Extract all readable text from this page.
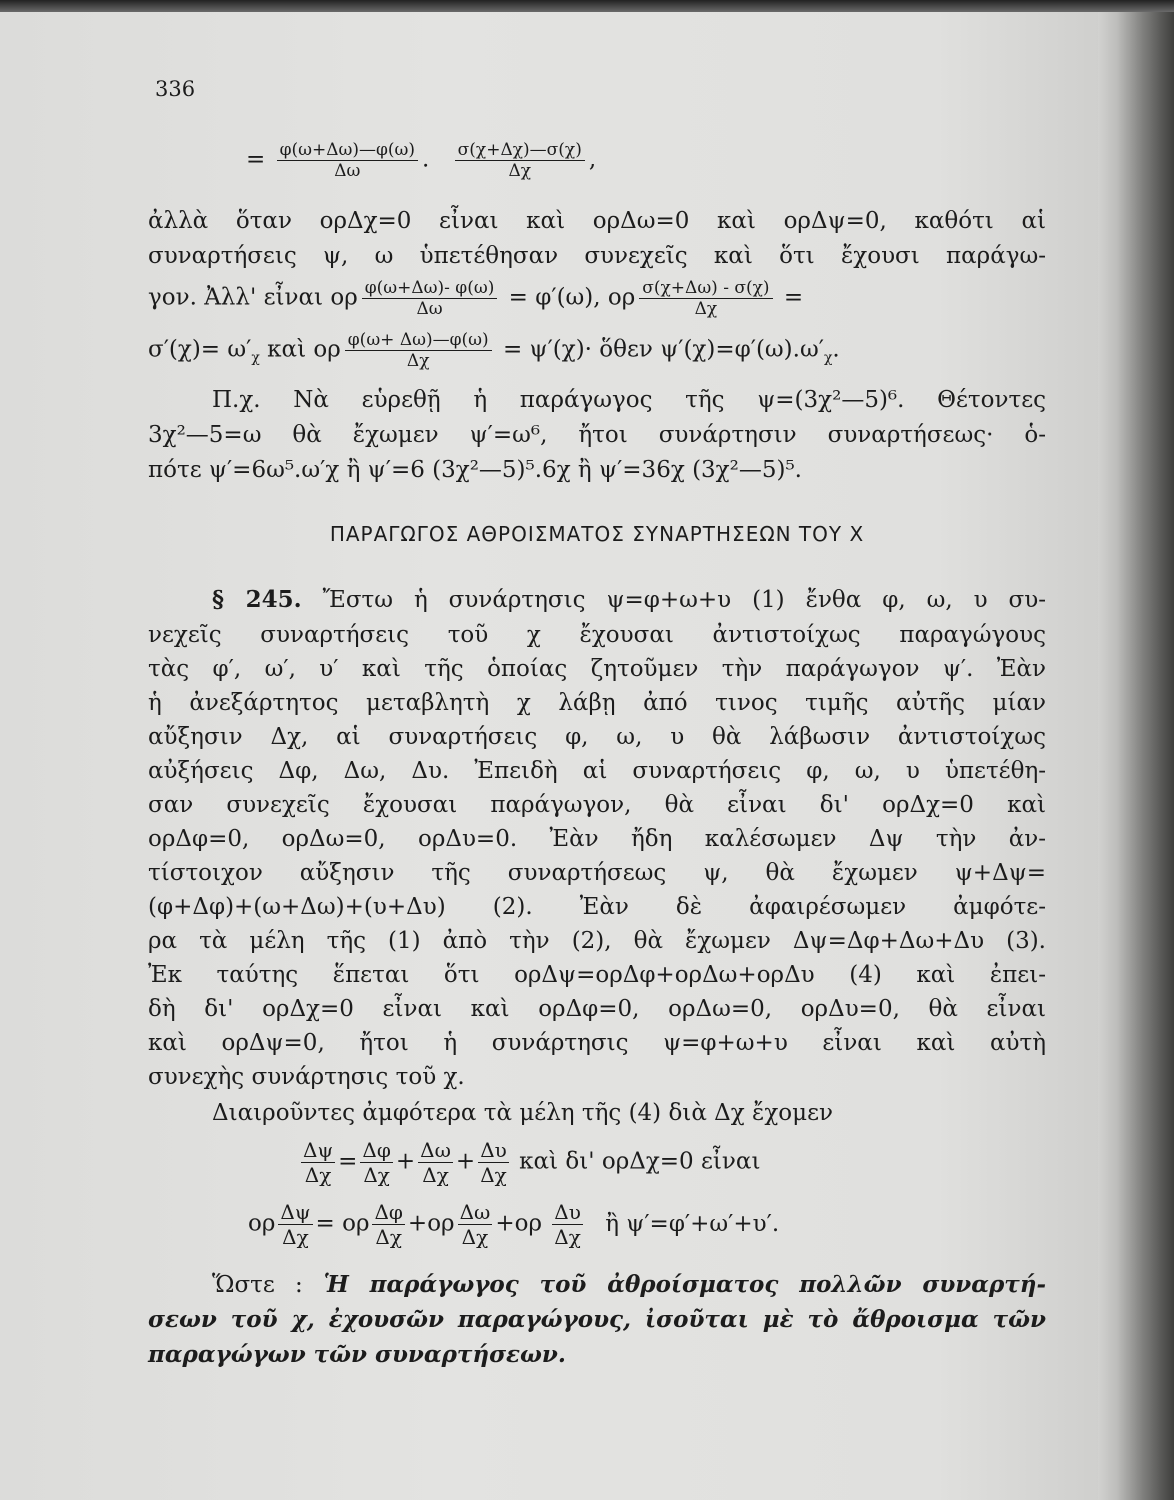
336
= $\frac{\varphi(\omega+\Delta\omega)—\varphi(\omega)}{\Delta\omega}$ . $\frac{\sigma(\chi+\Delta\chi)—\sigma(\chi)}{\Delta\chi}$ ,
ἀλλὰ ὅταν ορΔχ=0 εἶναι καὶ ορΔω=0 καὶ ορΔψ=0, καθότι αἱ
συναρτήσεις ψ, ω ὑπετέθησαν συνεχεῖς καὶ ὅτι ἔχουσι παράγω-
γον. Ἀλλ' εἶναι ορ $\frac{\varphi(\omega+\Delta\omega)- \varphi(\omega)}{\Delta\omega} = \varphi'(\omega)$, ορ $\frac{\sigma(\chi+\Delta\omega) - \sigma(\chi)}{\Delta\chi}$ =
$\sigma'(\chi)= \omega'_\chi$ καὶ ορ $\frac{\varphi(\omega+ \Delta\omega)—\varphi(\omega)}{\Delta\chi} = \psi'(\chi)\cdot$ ὅθεν $\psi'(\chi)=\varphi'(\omega).\omega'_\chi$.
Π.χ. Νὰ εὑρεθῇ ἡ παράγωγος τῆς ψ=(3χ²—5)⁶. Θέτοντες
3χ²—5=ω θὰ ἔχωμεν ψ′=ω⁶, ἤτοι συνάρτησιν συναρτήσεως· ὁ-
πότε ψ′=6ω⁵.ω′χ ἢ ψ′=6 (3χ²—5)⁵.6χ ἢ ψ′=36χ (3χ²—5)⁵.
ΠΑΡΑΓΩΓΟΣ ΑΘΡΟΙΣΜΑΤΟΣ ΣΥΝΑΡΤΗΣΕΩΝ ΤΟΥ Χ
§ 245. Ἔστω ἡ συνάρτησις ψ=φ+ω+υ (1) ἔνθα φ, ω, υ συ-
νεχεῖς συναρτήσεις τοῦ χ ἔχουσαι ἀντιστοίχως παραγώγους
τὰς φ′, ω′, υ′ καὶ τῆς ὁποίας ζητοῦμεν τὴν παράγωγον ψ′. Ἐὰν
ἡ ἀνεξάρτητος μεταβλητὴ χ λάβῃ ἀπό τινος τιμῆς αὐτῆς μίαν
αὔξησιν Δχ, αἱ συναρτήσεις φ, ω, υ θὰ λάβωσιν ἀντιστοίχως
αὐξήσεις Δφ, Δω, Δυ. Ἐπειδὴ αἱ συναρτήσεις φ, ω, υ ὑπετέθη-
σαν συνεχεῖς ἔχουσαι παράγωγον, θὰ εἶναι δι' ορΔχ=0 καὶ
ορΔφ=0, ορΔω=0, ορΔυ=0. Ἐὰν ἤδη καλέσωμεν Δψ τὴν ἀν-
τίστοιχον αὔξησιν τῆς συναρτήσεως ψ, θὰ ἔχωμεν ψ+Δψ=
(φ+Δφ)+(ω+Δω)+(υ+Δυ) (2). Ἐὰν δὲ ἀφαιρέσωμεν ἀμφότε-
ρα τὰ μέλη τῆς (1) ἀπὸ τὴν (2), θὰ ἔχωμεν Δψ=Δφ+Δω+Δυ (3).
Ἐκ ταύτης ἕπεται ὅτι ορΔψ=ορΔφ+ορΔω+ορΔυ (4) καὶ ἐπει-
δὴ δι' ορΔχ=0 εἶναι καὶ ορΔφ=0, ορΔω=0, ορΔυ=0, θὰ εἶναι
καὶ ορΔψ=0, ἤτοι ἡ συνάρτησις ψ=φ+ω+υ εἶναι καὶ αὐτὴ
συνεχὴς συνάρτησις τοῦ χ.
Διαιροῦντες ἀμφότερα τὰ μέλη τῆς (4) διὰ Δχ ἔχομεν
$\frac{\Delta\psi}{\Delta\chi} = \frac{\Delta\varphi}{\Delta\chi} + \frac{\Delta\omega}{\Delta\chi} + \frac{\Delta\upsilon}{\Delta\chi}$ καὶ δι' ορΔχ=0 εἶναι
ορ $\frac{\Delta\psi}{\Delta\chi} = o\rho \frac{\Delta\varphi}{\Delta\chi} +o\rho \frac{\Delta\omega}{\Delta\chi} +o\rho \frac{\Delta\upsilon}{\Delta\chi}$ ἢ ψ′=φ′+ω′+υ′.
Ὥστε : Ἡ παράγωγος τοῦ ἀθροίσματος πολλῶν συναρτή-
σεων τοῦ χ, ἐχουσῶν παραγώγους, ἰσοῦται μὲ τὸ ἄθροισμα τῶν
παραγώγων τῶν συναρτήσεων.
